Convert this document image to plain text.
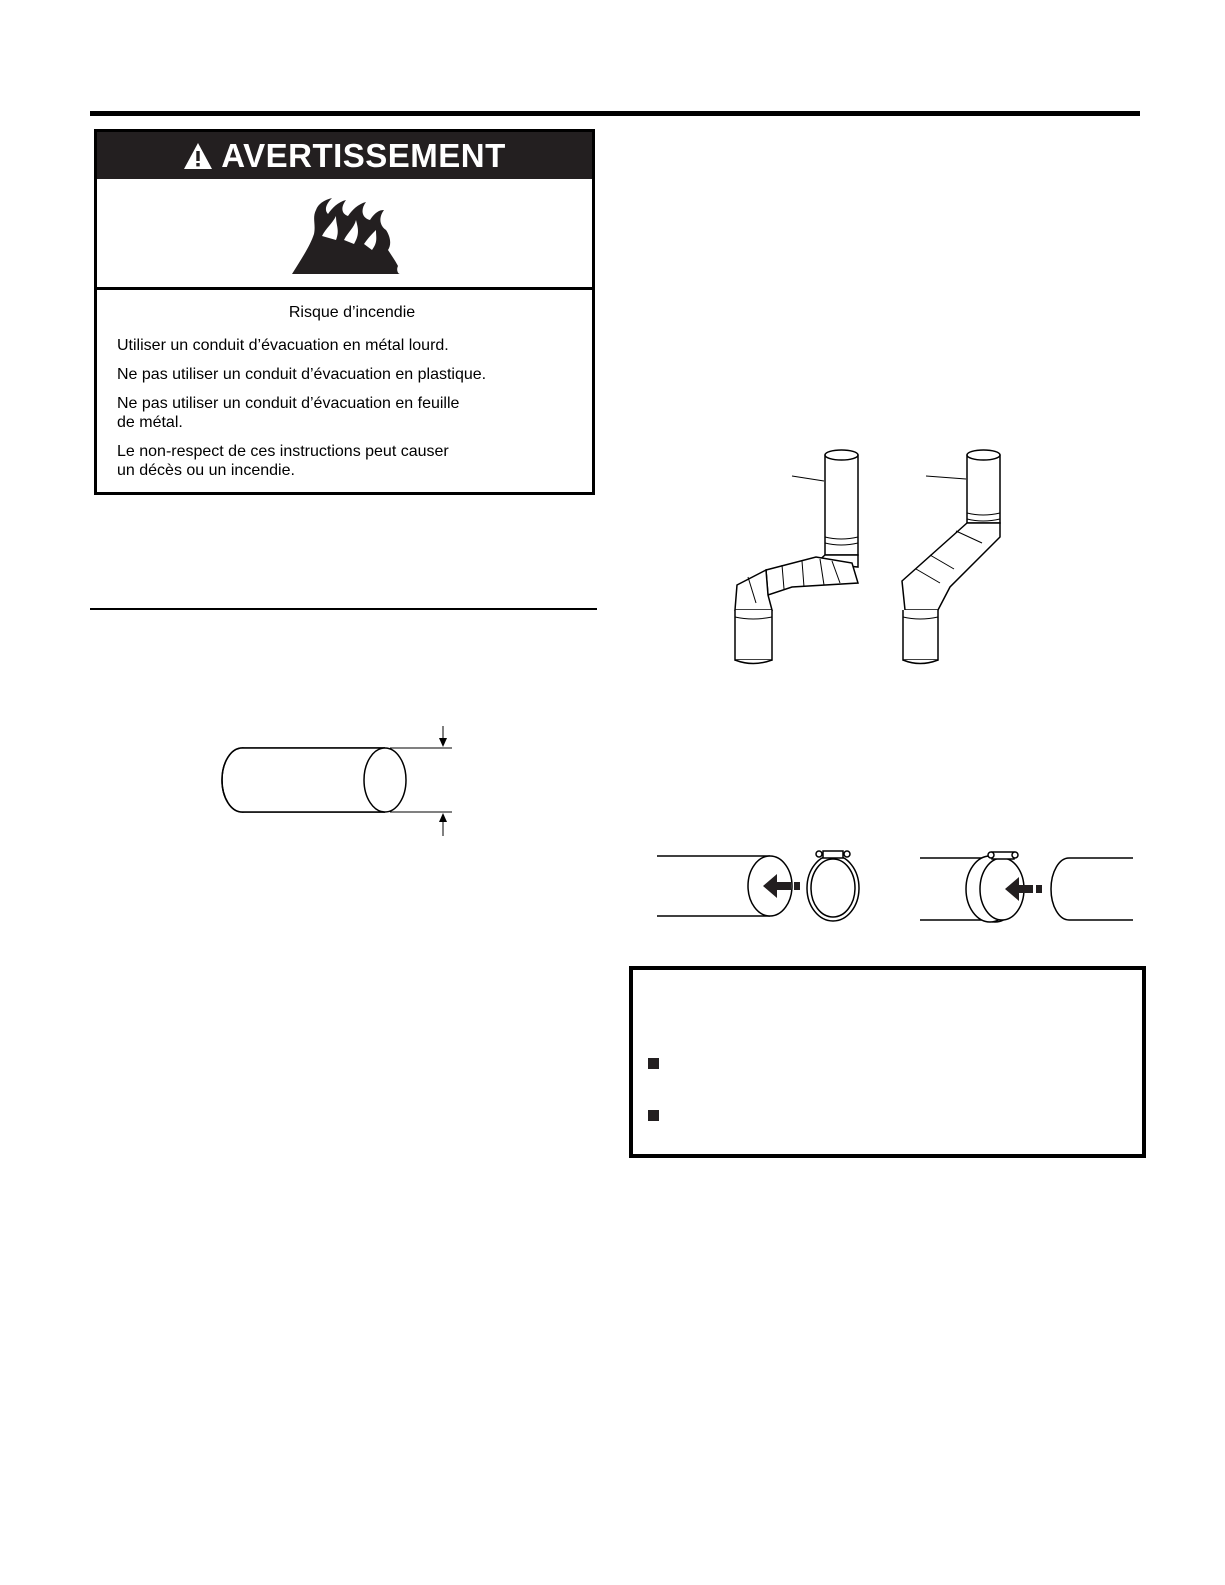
AVERTISSEMENT
Risque d’incendie
Utiliser un conduit d’évacuation en métal lourd.
Ne pas utiliser un conduit d’évacuation en plastique.
Ne pas utiliser un conduit d’évacuation en feuille
de métal.
Le non-respect de ces instructions peut causer
un décès ou un incendie.
